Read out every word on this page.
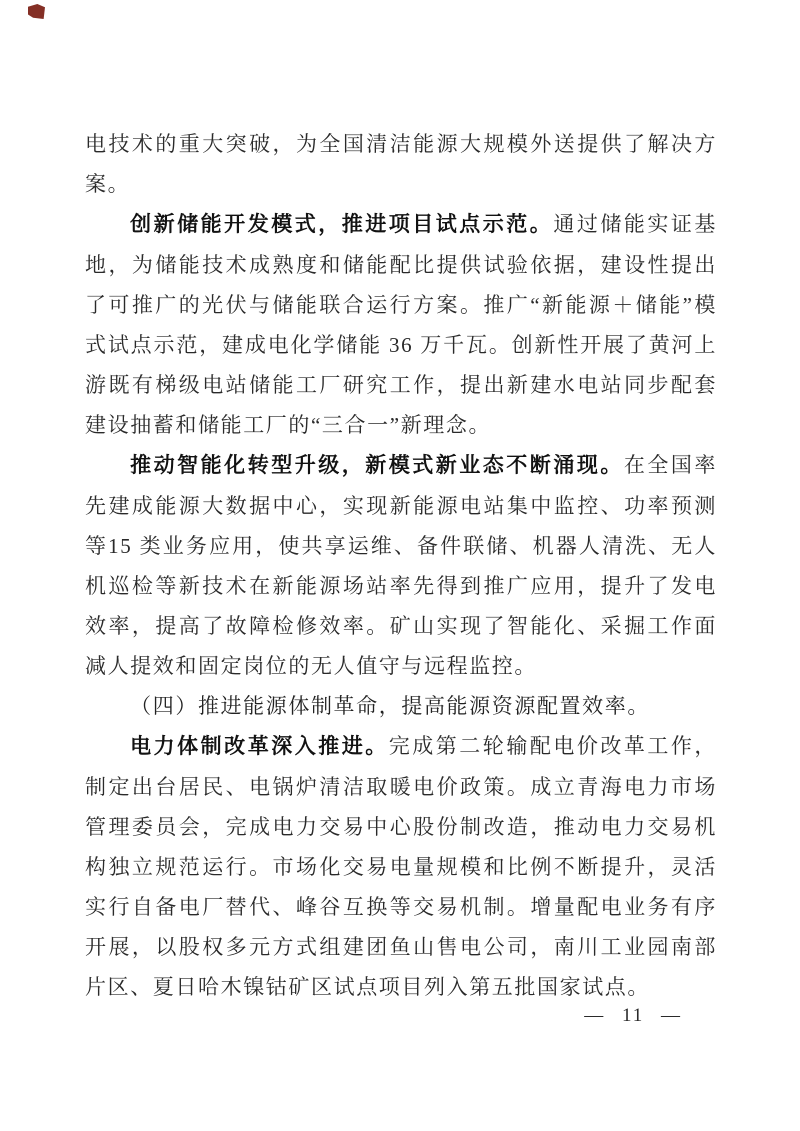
电技术的重大突破，为全国清洁能源大规模外送提供了解决方案。

创新储能开发模式，推进项目试点示范。通过储能实证基地，为储能技术成熟度和储能配比提供试验依据，建设性提出了可推广的光伏与储能联合运行方案。推广“新能源＋储能”模式试点示范，建成电化学储能 36 万千瓦。创新性开展了黄河上游既有梯级电站储能工厂研究工作，提出新建水电站同步配套建设抽蓄和储能工厂的“三合一”新理念。

推动智能化转型升级，新模式新业态不断涌现。在全国率先建成能源大数据中心，实现新能源电站集中监控、功率预测等15 类业务应用，使共享运维、备件联储、机器人清洗、无人机巡检等新技术在新能源场站率先得到推广应用，提升了发电效率，提高了故障检修效率。矿山实现了智能化、采掘工作面减人提效和固定岗位的无人值守与远程监控。

（四）推进能源体制革命，提高能源资源配置效率。

电力体制改革深入推进。完成第二轮输配电价改革工作，制定出台居民、电锅炉清洁取暖电价政策。成立青海电力市场管理委员会，完成电力交易中心股份制改造，推动电力交易机构独立规范运行。市场化交易电量规模和比例不断提升，灵活实行自备电厂替代、峰谷互换等交易机制。增量配电业务有序开展，以股权多元方式组建团鱼山售电公司，南川工业园南部片区、夏日哈木镍钴矿区试点项目列入第五批国家试点。

— 11 —
